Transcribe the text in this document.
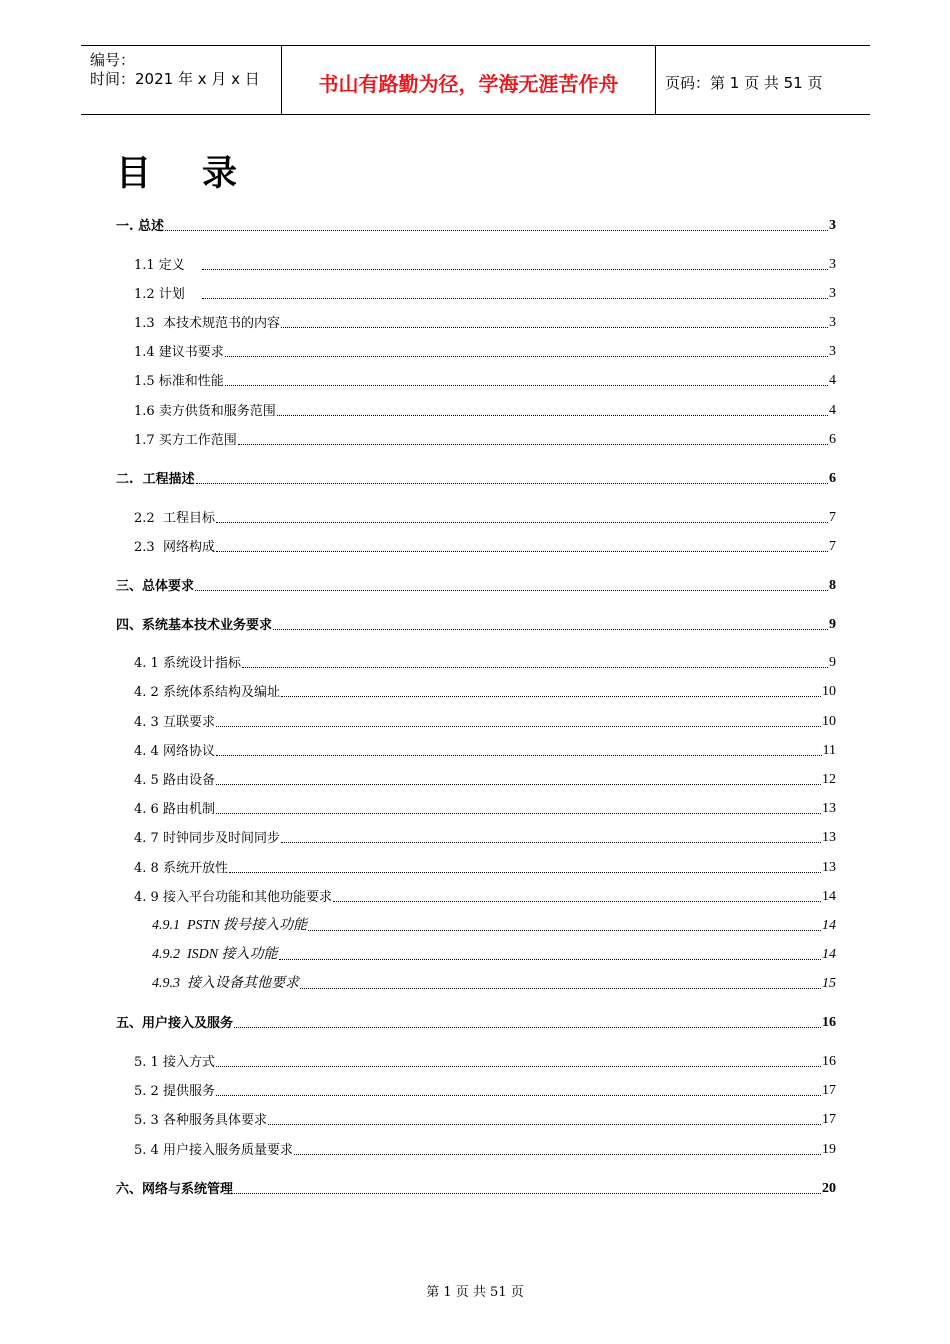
编号：
时间：2021 年 x 月 x 日	书山有路勤为径，学海无涯苦作舟	页码：第 1 页 共 51 页
目录
一. 总述	3
1.1 定义	3
1.2 计划	3
1.3  本技术规范书的内容	3
1.4 建议书要求	3
1.5 标准和性能	4
1.6 卖方供货和服务范围	4
1.7 买方工作范围	6
二.  工程描述	6
2.2  工程目标	7
2.3  网络构成	7
三、总体要求	8
四、系统基本技术业务要求	9
4. 1 系统设计指标	9
4. 2 系统体系结构及编址	10
4. 3 互联要求	10
4. 4 网络协议	11
4. 5 路由设备	12
4. 6 路由机制	13
4. 7 时钟同步及时间同步	13
4. 8 系统开放性	13
4. 9 接入平台功能和其他功能要求	14
4.9.1  PSTN 拨号接入功能	14
4.9.2  ISDN 接入功能	14
4.9.3  接入设备其他要求	15
五、用户接入及服务	16
5. 1 接入方式	16
5. 2 提供服务	17
5. 3 各种服务具体要求	17
5. 4 用户接入服务质量要求	19
六、网络与系统管理	20
第 1 页 共 51 页
